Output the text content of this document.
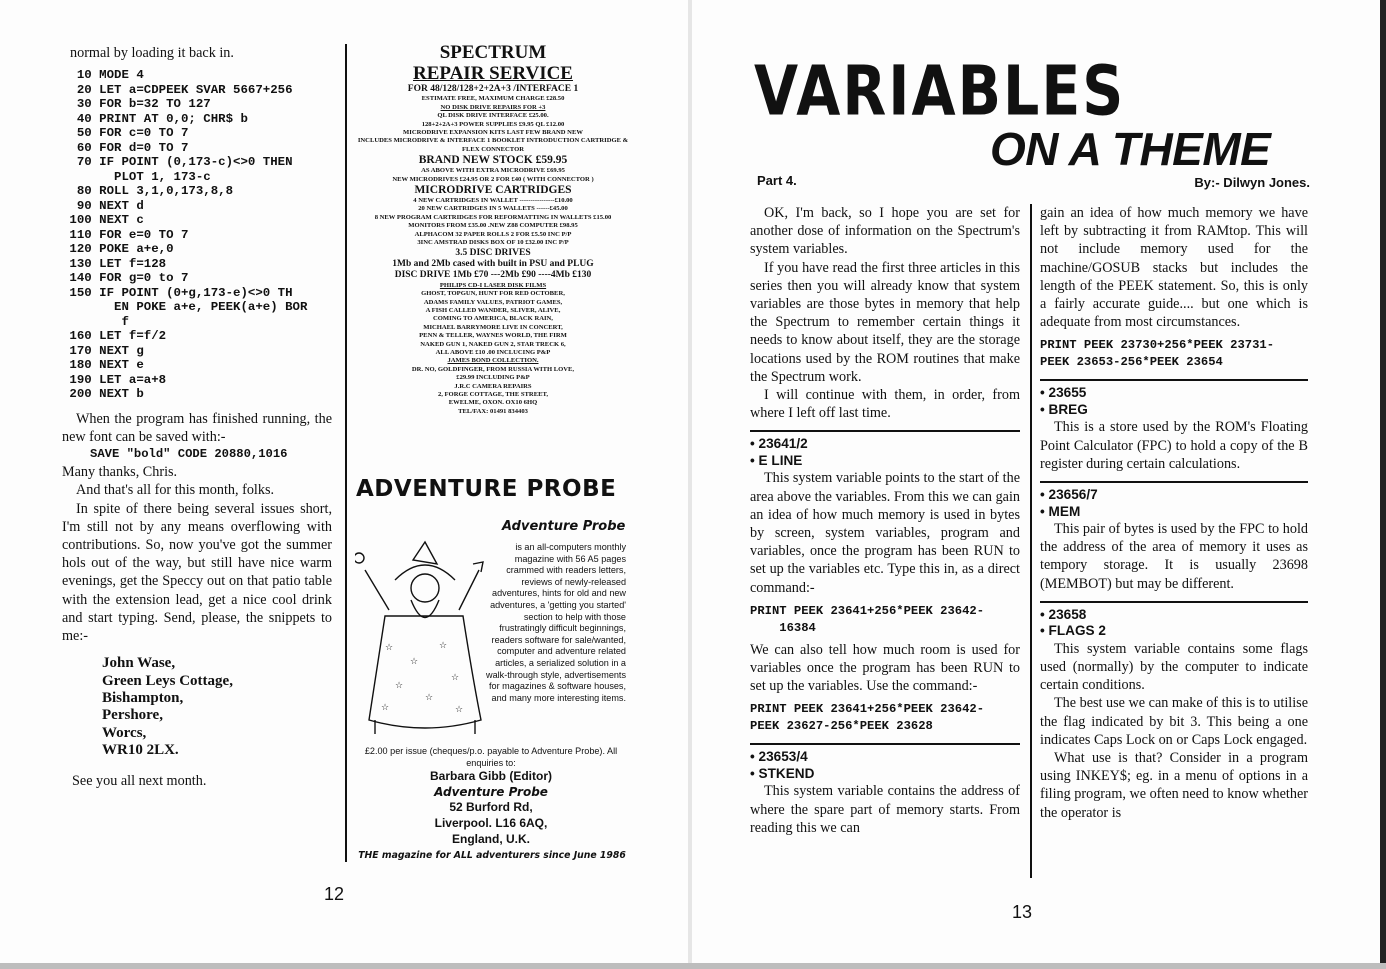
normal by loading it back in.

10 MODE 4
20 LET a=CDPEEK SVAR 5667+256
30 FOR b=32 TO 127
40 PRINT AT 0,0; CHR$ b
50 FOR c=0 TO 7
60 FOR d=0 TO 7
70 IF POINT (0,173-c)<>0 THEN
PLOT 1, 173-c
80 ROLL 3,1,0,173,8,8
90 NEXT d
100 NEXT c
110 FOR e=0 TO 7
120 POKE a+e,0
130 LET f=128
140 FOR g=0 to 7
150 IF POINT (0+g,173-e)<>0 TH
EN POKE a+e, PEEK(a+e) BOR
f
160 LET f=f/2
170 NEXT g
180 NEXT e
190 LET a=a+8
200 NEXT b

When the program has finished running, the new font can be saved with:-

SAVE "bold" CODE 20880,1016

Many thanks, Chris.

And that's all for this month, folks.

In spite of there being several issues short, I'm still not by any means overflowing with contributions. So, now you've got the summer hols out of the way, but still have nice warm evenings, get the Speccy out on that patio table with the extension lead, get a nice cool drink and start typing. Send, please, the snippets to me:-

John Wase,
Green Leys Cottage,
Bishampton,
Pershore,
Worcs,
WR10 2LX.

See you all next month.

SPECTRUM
REPAIR SERVICE
FOR 48/128/128+2+2A+3 /INTERFACE 1
ESTIMATE FREE, MAXIMUM CHARGE £28.50
NO DISK DRIVE REPAIRS FOR +3
QL DISK DRIVE INTERFACE £25.00.
128+2+2A+3 POWER SUPPLIES £9.95 QL £12.00
MICRODRIVE EXPANSION KITS LAST FEW BRAND NEW
INCLUDES MICRODRIVE & INTERFACE 1 BOOKLET INTRODUCTION CARTRIDGE & FLEX CONNECTOR
BRAND NEW STOCK £59.95
AS ABOVE WITH EXTRA MICRODRIVE £69.95
NEW MICRODRIVES £24.95 OR 2 FOR £40 ( WITH CONNECTOR )
MICRODRIVE CARTRIDGES
4 NEW CARTRIDGES IN WALLET ----------------£10.00
20 NEW CARTRIDGES IN 5 WALLETS ------£45.00
8 NEW PROGRAM CARTRIDGES FOR REFORMATTING IN WALLETS £15.00
MONITORS FROM £35.00 .NEW Z88 COMPUTER £98.95
ALPHACOM 32 PAPER ROLLS 2 FOR £5.50 INC P/P
3INC AMSTRAD DISKS BOX OF 10 £32.00 INC P/P
3.5 DISC DRIVES
1Mb and 2Mb cased with built in PSU and PLUG
DISC DRIVE 1Mb £70 ---2Mb £90 ----4Mb £130
PHILIPS CD-I LASER DISK FILMS
GHOST, TOPGUN, HUNT FOR RED OCTOBER,
ADAMS FAMILY VALUES, PATRIOT GAMES,
A FISH CALLED WANDER, SLIVER, ALIVE,
COMING TO AMERICA, BLACK RAIN,
MICHAEL BARRYMORE LIVE IN CONCERT,
PENN & TELLER, WAYNES WORLD, THE FIRM
NAKED GUN 1, NAKED GUN 2, STAR TRECK 6,
ALL ABOVE £10 .00 INCLUCING P&P
JAMES BOND COLLECTION.
DR. NO, GOLDFINGER, FROM RUSSIA WITH LOVE,
£29.99 INCLUDING P&P
J.R.C CAMERA REPAIRS
2, FORGE COTTAGE, THE STREET,
EWELME, OXON. OX10 6HQ
TEL/FAX: 01491 834403
ADVENTURE PROBE
Adventure Probe
☆
☆
☆
☆
☆
☆
☆	☆
is an all-computers monthly magazine with 56 A5 pages crammed with readers letters, reviews of newly-released adventures, hints for old and new adventures, a 'getting you started' section to help with those frustratingly difficult beginnings, readers software for sale/wanted, computer and adventure related articles, a serialized solution in a walk-through style, advertisements for magazines & software houses, and many more interesting items.
£2.00 per issue (cheques/p.o. payable to Adventure Probe). All enquiries to:
Barbara Gibb (Editor)
Adventure Probe
52 Burford Rd,
Liverpool. L16 6AQ,
England, U.K.
THE magazine for ALL adventurers since June 1986
12
VARIABLES
ON A THEME
Part 4.	By:- Dilwyn Jones.

OK, I'm back, so I hope you are set for another dose of information on the Spectrum's system variables.

If you have read the first three articles in this series then you will already know that system variables are those bytes in memory that help the Spectrum to remember certain things it needs to know about itself, they are the storage locations used by the ROM routines that make the Spectrum work.

I will continue with them, in order, from where I left off last time.

• 23641/2
• E LINE

This system variable points to the start of the area above the variables. From this we can gain an idea of how much memory is used in bytes by screen, system variables, program and variables, once the program has been RUN to set up the variables etc. Type this in, as a direct command:-

PRINT PEEK 23641+256*PEEK 23642-
16384

We can also tell how much room is used for variables once the program has been RUN to set up the variables. Use the command:-

PRINT PEEK 23641+256*PEEK 23642-
PEEK 23627-256*PEEK 23628
• 23653/4
• STKEND

This system variable contains the address of where the spare part of memory starts. From reading this we can

gain an idea of how much memory we have left by subtracting it from RAMtop. This will not include memory used for the machine/GOSUB stacks but includes the length of the PEEK statement. So, this is only a fairly accurate guide.... but one which is adequate from most circumstances.

PRINT PEEK 23730+256*PEEK 23731-
PEEK 23653-256*PEEK 23654
• 23655
• BREG

This is a store used by the ROM's Floating Point Calculator (FPC) to hold a copy of the B register during certain calculations.

• 23656/7
• MEM

This pair of bytes is used by the FPC to hold the address of the area of memory it uses as tempory storage. It is usually 23698 (MEMBOT) but may be different.

• 23658
• FLAGS 2

This system variable contains some flags used (normally) by the computer to indicate certain conditions.

The best use we can make of this is to utilise the flag indicated by bit 3. This being a one indicates Caps Lock on or Caps Lock engaged.

What use is that? Consider in a program using INKEY$; eg. in a menu of options in a filing program, we often need to know whether the operator is

13
